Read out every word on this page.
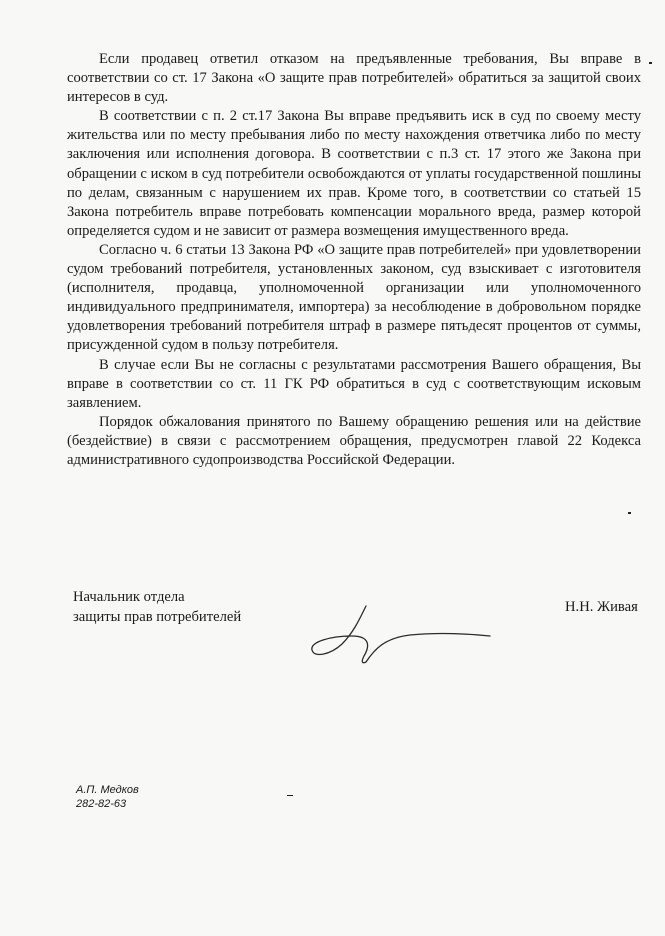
Если продавец ответил отказом на предъявленные требования, Вы вправе в соответствии со ст. 17 Закона «О защите прав потребителей» обратиться за защитой своих интересов в суд.

В соответствии с п. 2 ст.17 Закона Вы вправе предъявить иск в суд по своему месту жительства или по месту пребывания либо по месту нахождения ответчика либо по месту заключения или исполнения договора. В соответствии с п.3 ст. 17 этого же Закона при обращении с иском в суд потребители освобождаются от уплаты государственной пошлины по делам, связанным с нарушением их прав. Кроме того, в соответствии со статьей 15 Закона потребитель вправе потребовать компенсации морального вреда, размер которой определяется судом и не зависит от размера возмещения имущественного вреда.

Согласно ч. 6 статьи 13 Закона РФ «О защите прав потребителей» при удовлетворении судом требований потребителя, установленных законом, суд взыскивает с изготовителя (исполнителя, продавца, уполномоченной организации или уполномоченного индивидуального предпринимателя, импортера) за несоблюдение в добровольном порядке удовлетворения требований потребителя штраф в размере пятьдесят процентов от суммы, присужденной судом в пользу потребителя.

В случае если Вы не согласны с результатами рассмотрения Вашего обращения, Вы вправе в соответствии со ст. 11 ГК РФ обратиться в суд с соответствующим исковым заявлением.

Порядок обжалования принятого по Вашему обращению решения или на действие (бездействие) в связи с рассмотрением обращения, предусмотрен главой 22 Кодекса административного судопроизводства Российской Федерации.

Начальник отдела
защиты прав потребителей
Н.Н. Живая
А.П. Медков
282-82-63
